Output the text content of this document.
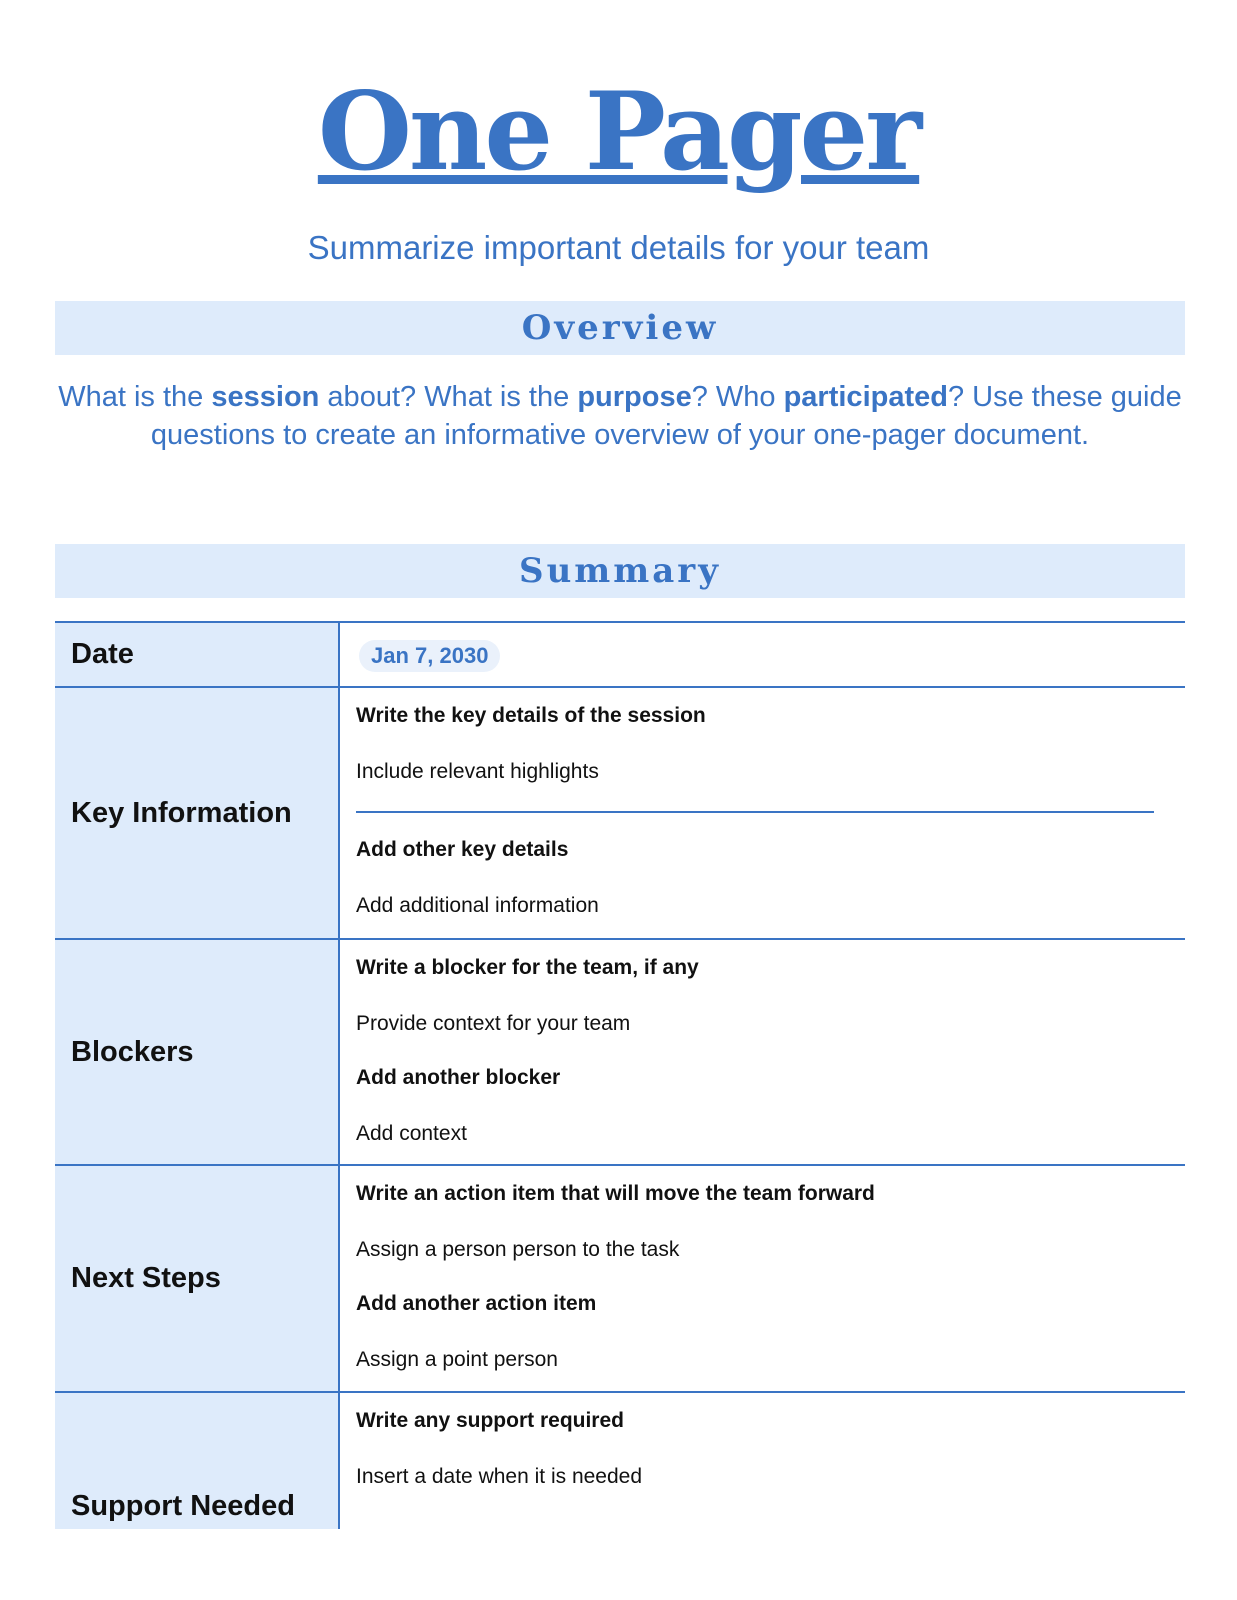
One Pager
Summarize important details for your team
Overview
What is the session about? What is the purpose? Who participated? Use these guide
questions to create an informative overview of your one-pager document.
Summary
Date	Jan 7, 2030
Key Information
Write the key details of the session
Include relevant highlights
Add other key details
Add additional information
Blockers
Write a blocker for the team, if any
Provide context for your team
Add another blocker
Add context
Next Steps
Write an action item that will move the team forward
Assign a person person to the task
Add another action item
Assign a point person
Support Needed
Write any support required
Insert a date when it is needed
